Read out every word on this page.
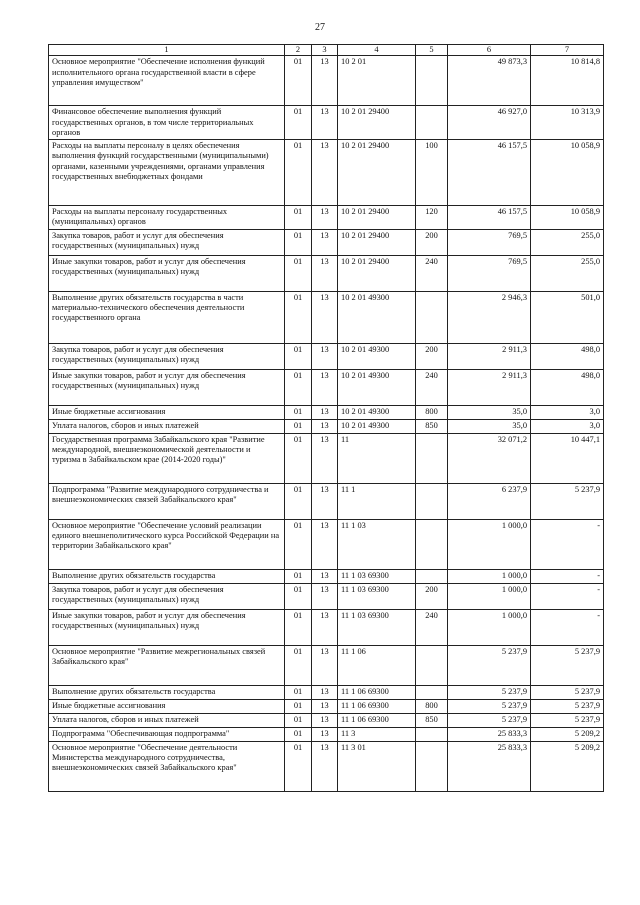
27
1	2	3	4	5	6	7
Основное мероприятие "Обеспечение исполнения функций исполнительного органа государственной власти в сфере управления имуществом"	01	13	10 2 01		49 873,3	10 814,8
Финансовое обеспечение выполнения функций государственных органов, в том числе территориальных органов	01	13	10 2 01 29400		46 927,0	10 313,9
Расходы на выплаты персоналу в целях обеспечения выполнения функций государственными (муниципальными) органами, казенными учреждениями, органами управления государственных внебюджетных фондами	01	13	10 2 01 29400	100	46 157,5	10 058,9
Расходы на выплаты персоналу государственных (муниципальных) органов	01	13	10 2 01 29400	120	46 157,5	10 058,9
Закупка товаров, работ и услуг для обеспечения государственных (муниципальных) нужд	01	13	10 2 01 29400	200	769,5	255,0
Иные закупки товаров, работ и услуг для обеспечения государственных (муниципальных) нужд	01	13	10 2 01 29400	240	769,5	255,0
Выполнение других обязательств государства в части материально-технического обеспечения деятельности государственного органа	01	13	10 2 01 49300		2 946,3	501,0
Закупка товаров, работ и услуг для обеспечения государственных (муниципальных) нужд	01	13	10 2 01 49300	200	2 911,3	498,0
Иные закупки товаров, работ и услуг для обеспечения государственных (муниципальных) нужд	01	13	10 2 01 49300	240	2 911,3	498,0
Иные бюджетные ассигнования	01	13	10 2 01 49300	800	35,0	3,0
Уплата налогов, сборов и иных платежей	01	13	10 2 01 49300	850	35,0	3,0
Государственная программа Забайкальского края "Развитие международной, внешнеэкономической деятельности и туризма в Забайкальском крае (2014-2020 годы)"	01	13	11		32 071,2	10 447,1
Подпрограмма "Развитие международного сотрудничества и внешнеэкономических связей Забайкальского края"	01	13	11 1		6 237,9	5 237,9
Основное мероприятие "Обеспечение условий реализации единого внешнеполитического курса Российской Федерации на территории Забайкальского края"	01	13	11 1 03		1 000,0	-
Выполнение других обязательств государства	01	13	11 1 03 69300		1 000,0	-
Закупка товаров, работ и услуг для обеспечения государственных (муниципальных) нужд	01	13	11 1 03 69300	200	1 000,0	-
Иные закупки товаров, работ и услуг для обеспечения государственных (муниципальных) нужд	01	13	11 1 03 69300	240	1 000,0	-
Основное мероприятие "Развитие межрегиональных связей Забайкальского края"	01	13	11 1 06		5 237,9	5 237,9
Выполнение других обязательств государства	01	13	11 1 06 69300		5 237,9	5 237,9
Иные бюджетные ассигнования	01	13	11 1 06 69300	800	5 237,9	5 237,9
Уплата налогов, сборов и иных платежей	01	13	11 1 06 69300	850	5 237,9	5 237,9
Подпрограмма "Обеспечивающая подпрограмма"	01	13	11 3		25 833,3	5 209,2
Основное мероприятие "Обеспечение деятельности Министерства международного сотрудничества, внешнеэкономических связей Забайкальского края"	01	13	11 3 01		25 833,3	5 209,2
